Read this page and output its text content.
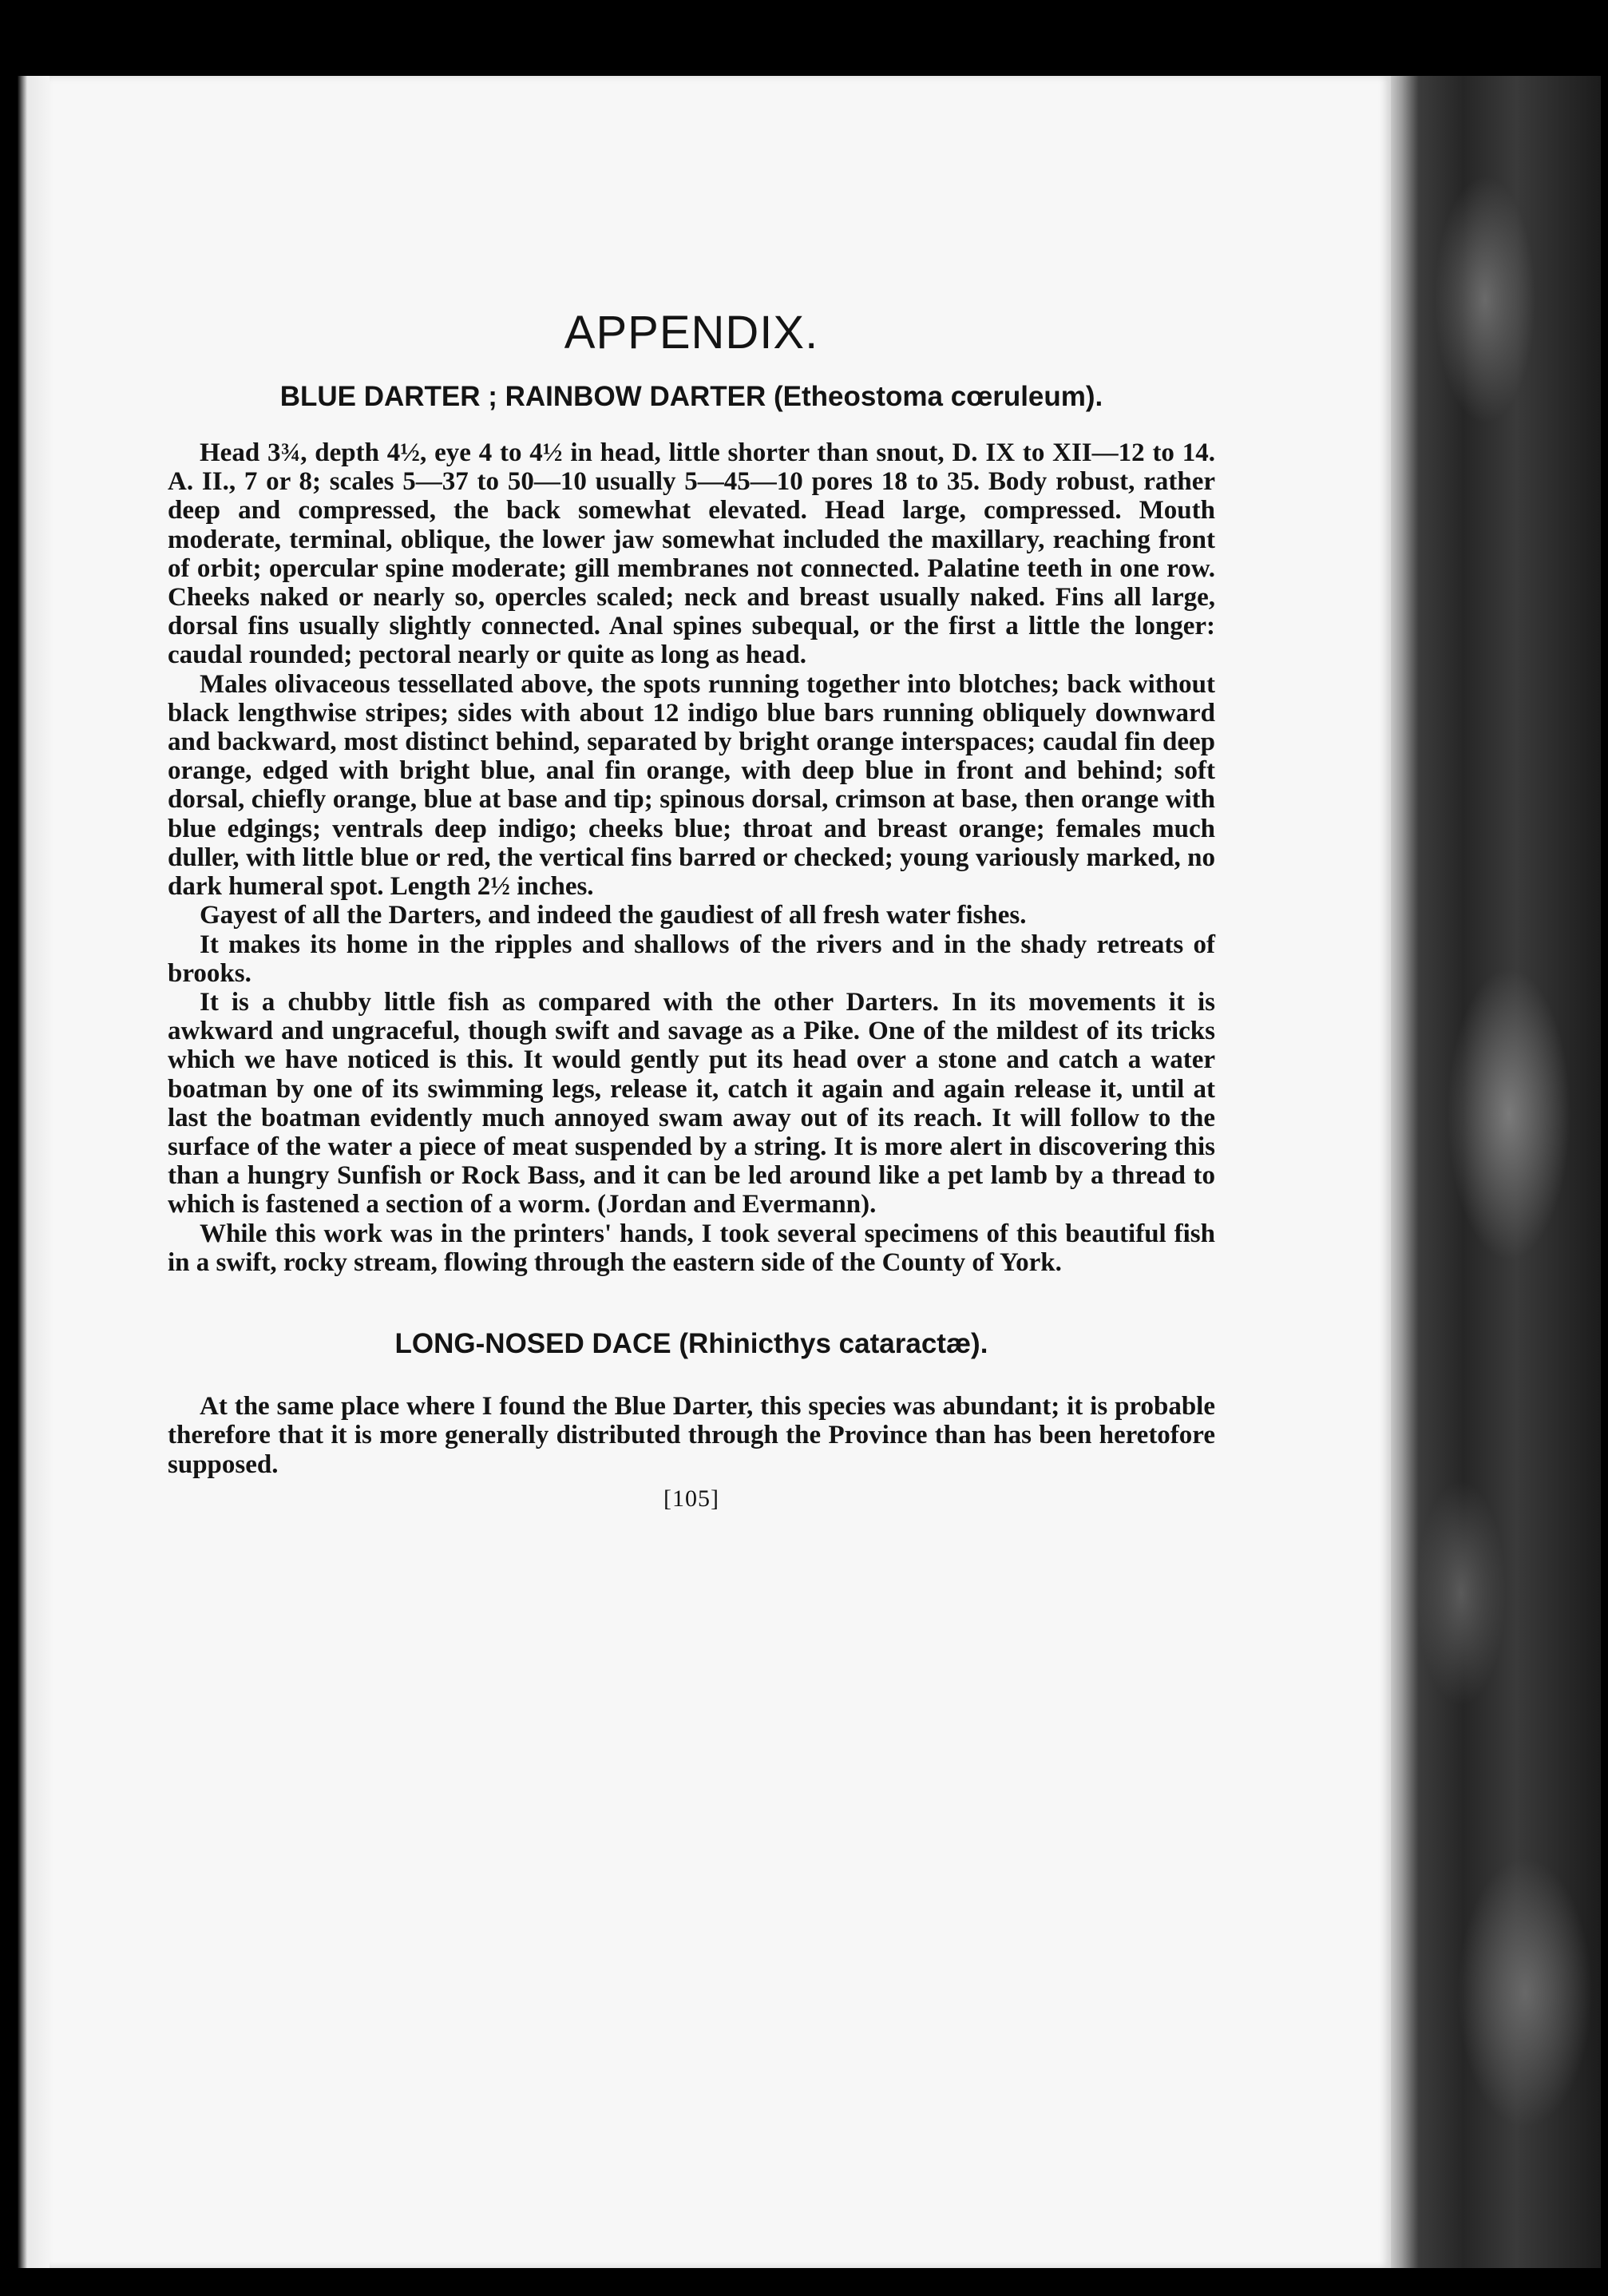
APPENDIX.
BLUE DARTER ; RAINBOW DARTER (Etheostoma cœruleum).

Head 3¾, depth 4½, eye 4 to 4½ in head, little shorter than snout, D. IX to XII—12 to 14. A. II., 7 or 8; scales 5—37 to 50—10 usually 5—45—10 pores 18 to 35. Body robust, rather deep and compressed, the back somewhat elevated. Head large, compressed. Mouth moderate, terminal, oblique, the lower jaw somewhat included the maxillary, reaching front of orbit; opercular spine moderate; gill membranes not connected. Palatine teeth in one row. Cheeks naked or nearly so, opercles scaled; neck and breast usually naked. Fins all large, dorsal fins usually slightly connected. Anal spines subequal, or the first a little the longer: caudal rounded; pectoral nearly or quite as long as head.

Males olivaceous tessellated above, the spots running together into blotches; back without black lengthwise stripes; sides with about 12 indigo blue bars running obliquely downward and backward, most distinct behind, separated by bright orange interspaces; caudal fin deep orange, edged with bright blue, anal fin orange, with deep blue in front and behind; soft dorsal, chiefly orange, blue at base and tip; spinous dorsal, crimson at base, then orange with blue edgings; ventrals deep indigo; cheeks blue; throat and breast orange; females much duller, with little blue or red, the vertical fins barred or checked; young variously marked, no dark humeral spot. Length 2½ inches.

Gayest of all the Darters, and indeed the gaudiest of all fresh water fishes.

It makes its home in the ripples and shallows of the rivers and in the shady retreats of brooks.

It is a chubby little fish as compared with the other Darters. In its movements it is awkward and ungraceful, though swift and savage as a Pike. One of the mildest of its tricks which we have noticed is this. It would gently put its head over a stone and catch a water boatman by one of its swimming legs, release it, catch it again and again release it, until at last the boatman evidently much annoyed swam away out of its reach. It will follow to the surface of the water a piece of meat suspended by a string. It is more alert in discovering this than a hungry Sunfish or Rock Bass, and it can be led around like a pet lamb by a thread to which is fastened a section of a worm. (Jordan and Evermann).

While this work was in the printers' hands, I took several specimens of this beautiful fish in a swift, rocky stream, flowing through the eastern side of the County of York.

LONG-NOSED DACE (Rhinicthys cataractæ).

At the same place where I found the Blue Darter, this species was abundant; it is probable therefore that it is more generally distributed through the Province than has been heretofore supposed.

[105]
